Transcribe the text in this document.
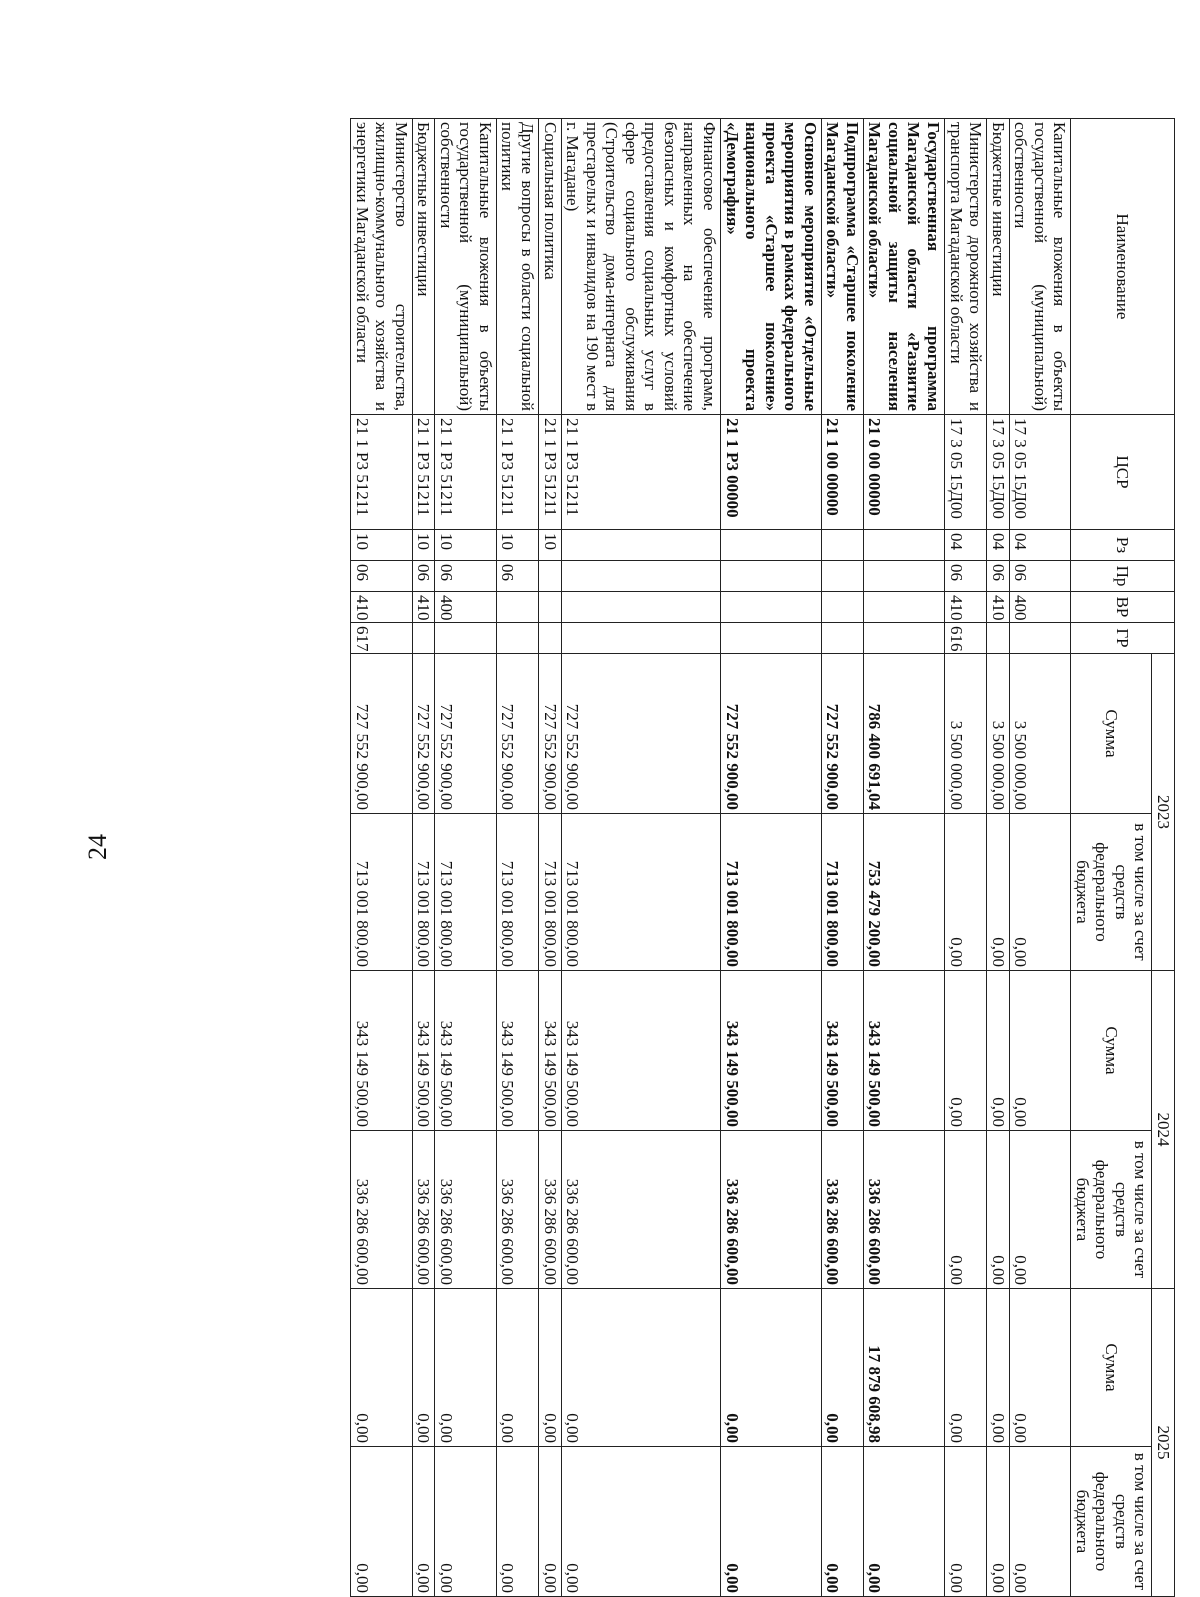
24
Наименование	ЦСР	Рз	Пр	ВР	ГР	2023		2024		2025	
						Сумма	в том числе за счет средств федерального бюджета	Сумма	в том числе за счет средств федерального бюджета	Сумма	в том числе за счет средств федерального бюджета

Капитальные вложения в объекты государственной (муниципальной) собственности	17 3 05 15Д00	04	06	400		3 500 000,00	0,00	0,00	0,00	0,00	0,00
Бюджетные инвестиции	17 3 05 15Д00	04	06	410		3 500 000,00	0,00	0,00	0,00	0,00	0,00
Министерство дорожного хозяйства и транспорта Магаданской области	17 3 05 15Д00	04	06	410	616	3 500 000,00	0,00	0,00	0,00	0,00	0,00
Государственная программа Магаданской области «Развитие социальной защиты населения Магаданской области»	21 0 00 00000					786 400 691,04	753 479 200,00	343 149 500,00	336 286 600,00	17 879 608,98	0,00
Подпрограмма «Старшее поколение Магаданской области»	21 1 00 00000					727 552 900,00	713 001 800,00	343 149 500,00	336 286 600,00	0,00	0,00
Основное мероприятие «Отдельные мероприятия в рамках федерального проекта «Старшее поколение» национального проекта «Демография»	21 1 P3 00000					727 552 900,00	713 001 800,00	343 149 500,00	336 286 600,00	0,00	0,00
Финансовое обеспечение программ, направленных на обеспечение безопасных и комфортных условий предоставления социальных услуг в сфере социального обслуживания (Строительство дома-интерната для престарелых и инвалидов на 190 мест в г. Магадане)	21 1 P3 51211					727 552 900,00	713 001 800,00	343 149 500,00	336 286 600,00	0,00	0,00
Социальная политика	21 1 P3 51211	10				727 552 900,00	713 001 800,00	343 149 500,00	336 286 600,00	0,00	0,00
Другие вопросы в области социальной политики	21 1 P3 51211	10	06			727 552 900,00	713 001 800,00	343 149 500,00	336 286 600,00	0,00	0,00
Капитальные вложения в объекты государственной (муниципальной) собственности	21 1 P3 51211	10	06	400		727 552 900,00	713 001 800,00	343 149 500,00	336 286 600,00	0,00	0,00
Бюджетные инвестиции	21 1 P3 51211	10	06	410		727 552 900,00	713 001 800,00	343 149 500,00	336 286 600,00	0,00	0,00
Министерство строительства, жилищно-коммунального хозяйства и энергетики Магаданской области	21 1 P3 51211	10	06	410	617	727 552 900,00	713 001 800,00	343 149 500,00	336 286 600,00	0,00	0,00
